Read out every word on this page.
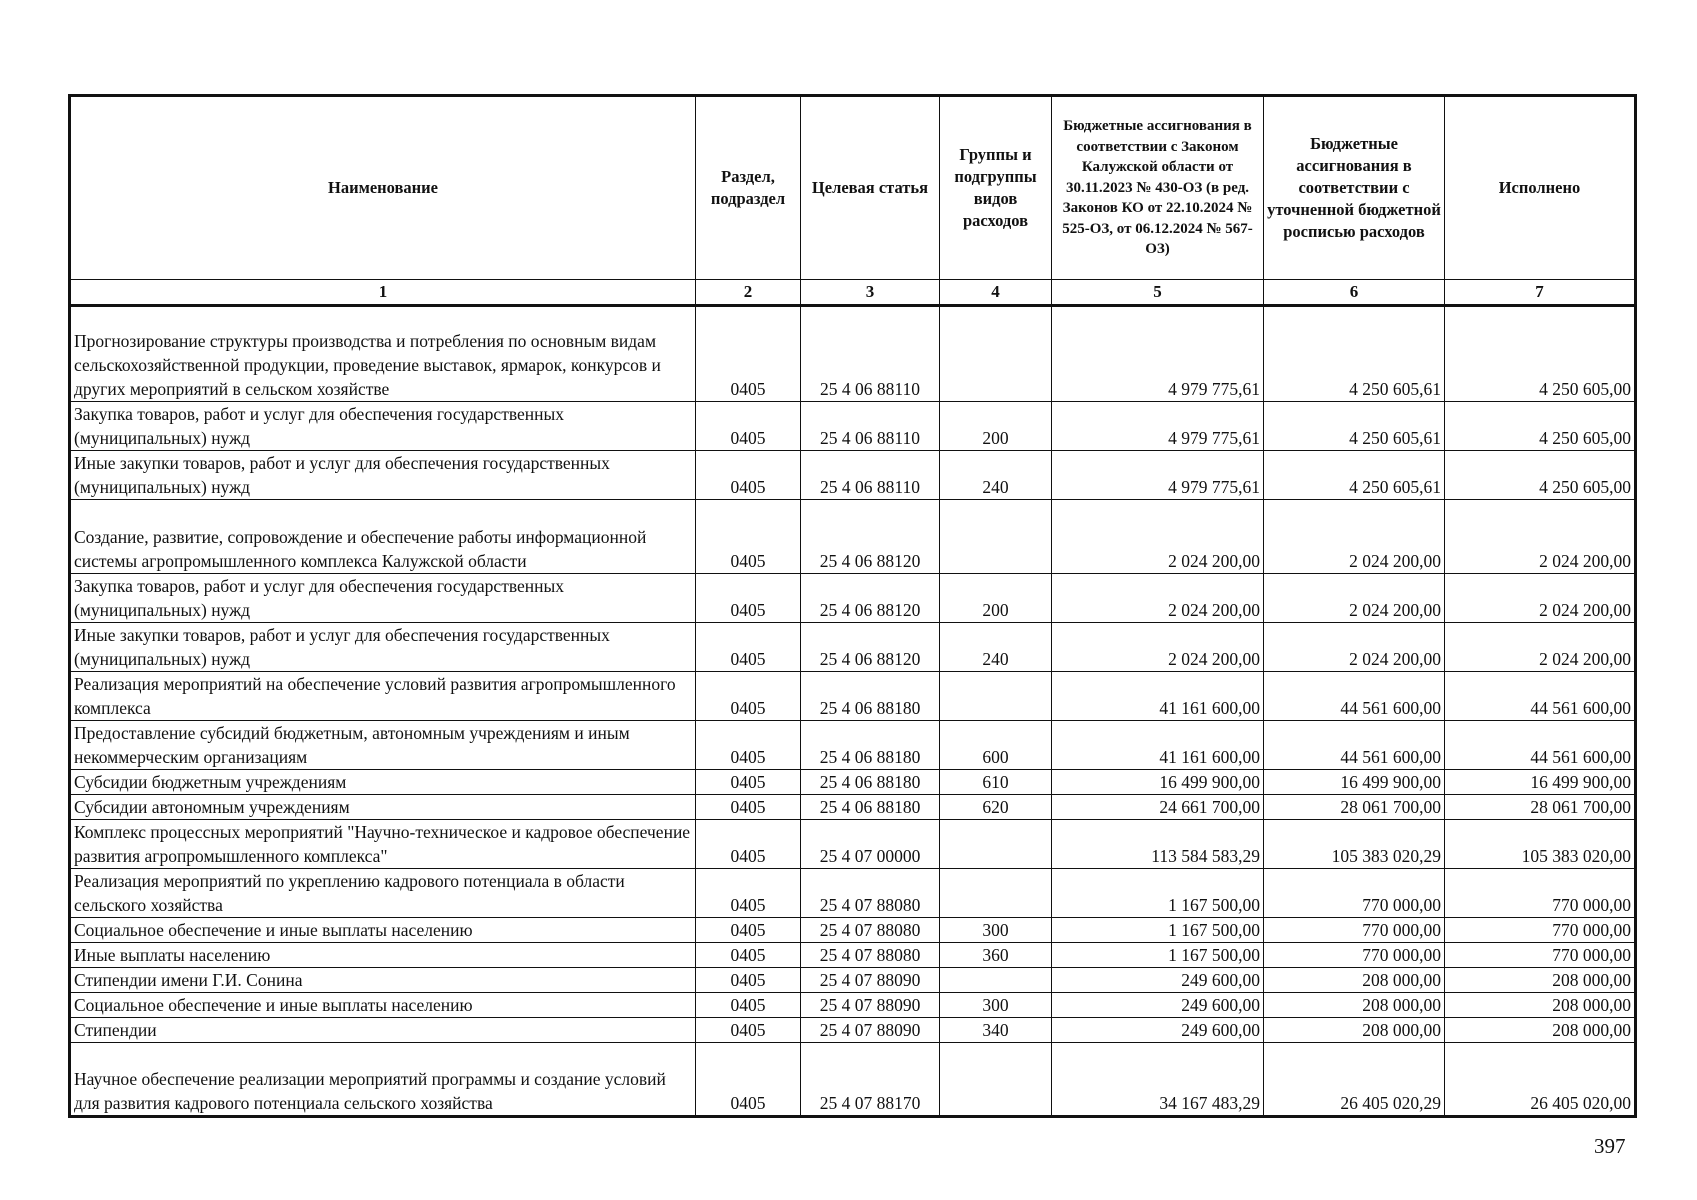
Наименование	Раздел, подраздел	Целевая статья	Группы и подгруппы видов расходов	Бюджетные ассигнования в соответствии с Законом Калужской области от 30.11.2023 № 430-ОЗ (в ред. Законов КО от 22.10.2024 № 525-ОЗ, от 06.12.2024 № 567-ОЗ)	Бюджетные ассигнования в соответствии с уточненной бюджетной росписью расходов	Исполнено
1	2	3	4	5	6	7
Прогнозирование структуры производства и потребления по основным видам сельскохозяйственной продукции, проведение выставок, ярмарок, конкурсов и других мероприятий в сельском хозяйстве	0405	25 4 06 88110		4 979 775,61	4 250 605,61	4 250 605,00
Закупка товаров, работ и услуг для обеспечения государственных (муниципальных) нужд	0405	25 4 06 88110	200	4 979 775,61	4 250 605,61	4 250 605,00
Иные закупки товаров, работ и услуг для обеспечения государственных (муниципальных) нужд	0405	25 4 06 88110	240	4 979 775,61	4 250 605,61	4 250 605,00
Создание, развитие, сопровождение и обеспечение работы информационной системы агропромышленного комплекса Калужской области	0405	25 4 06 88120		2 024 200,00	2 024 200,00	2 024 200,00
Закупка товаров, работ и услуг для обеспечения государственных (муниципальных) нужд	0405	25 4 06 88120	200	2 024 200,00	2 024 200,00	2 024 200,00
Иные закупки товаров, работ и услуг для обеспечения государственных (муниципальных) нужд	0405	25 4 06 88120	240	2 024 200,00	2 024 200,00	2 024 200,00
Реализация мероприятий на обеспечение условий развития агропромышленного комплекса	0405	25 4 06 88180		41 161 600,00	44 561 600,00	44 561 600,00
Предоставление субсидий бюджетным, автономным учреждениям и иным некоммерческим организациям	0405	25 4 06 88180	600	41 161 600,00	44 561 600,00	44 561 600,00
Субсидии бюджетным учреждениям	0405	25 4 06 88180	610	16 499 900,00	16 499 900,00	16 499 900,00
Субсидии автономным учреждениям	0405	25 4 06 88180	620	24 661 700,00	28 061 700,00	28 061 700,00
Комплекс процессных мероприятий "Научно-техническое и кадровое обеспечение развития агропромышленного комплекса"	0405	25 4 07 00000		113 584 583,29	105 383 020,29	105 383 020,00
Реализация мероприятий по укреплению кадрового потенциала в области сельского хозяйства	0405	25 4 07 88080		1 167 500,00	770 000,00	770 000,00
Социальное обеспечение и иные выплаты населению	0405	25 4 07 88080	300	1 167 500,00	770 000,00	770 000,00
Иные выплаты населению	0405	25 4 07 88080	360	1 167 500,00	770 000,00	770 000,00
Стипендии имени Г.И. Сонина	0405	25 4 07 88090		249 600,00	208 000,00	208 000,00
Социальное обеспечение и иные выплаты населению	0405	25 4 07 88090	300	249 600,00	208 000,00	208 000,00
Стипендии	0405	25 4 07 88090	340	249 600,00	208 000,00	208 000,00
Научное обеспечение реализации мероприятий программы и создание условий для развития кадрового потенциала сельского хозяйства	0405	25 4 07 88170		34 167 483,29	26 405 020,29	26 405 020,00
397
